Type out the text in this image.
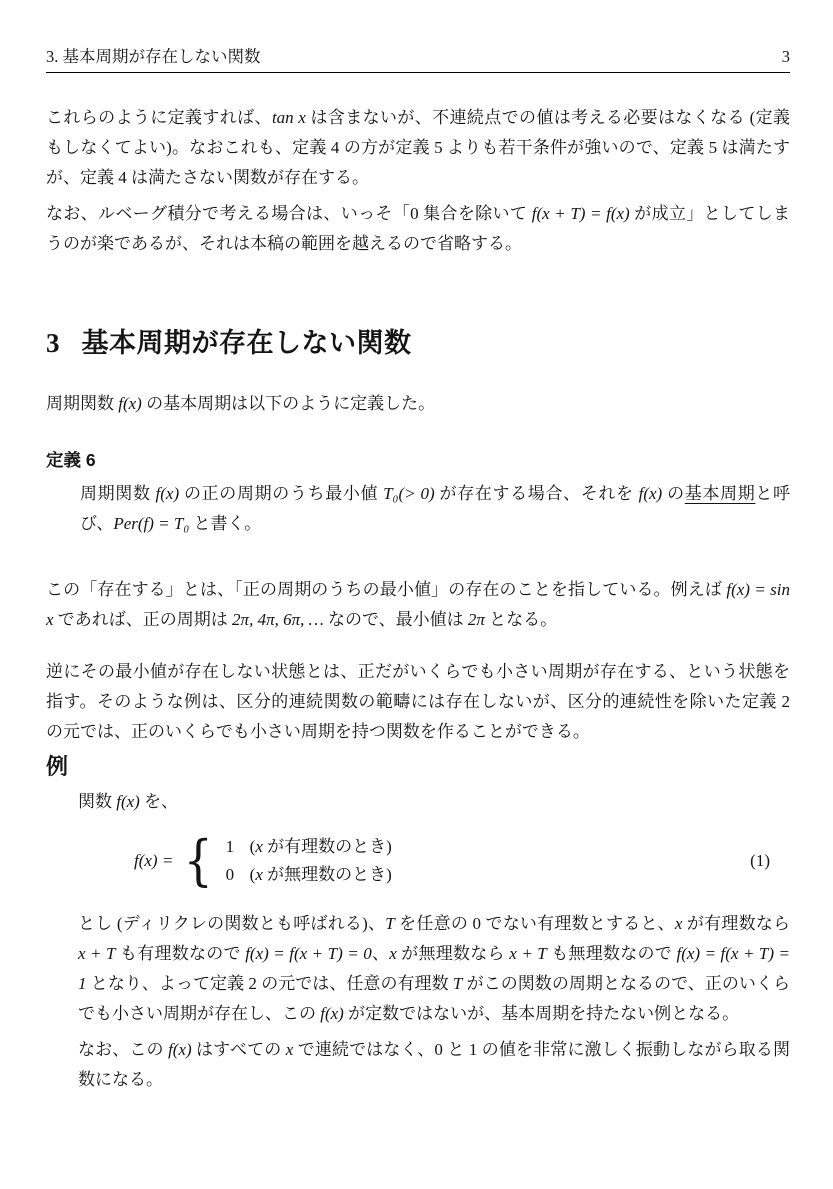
3. 基本周期が存在しない関数	3

これらのように定義すれば、tan x は含まないが、不連続点での値は考える必要はなくなる (定義もしなくてよい)。なおこれも、定義 4 の方が定義 5 よりも若干条件が強いので、定義 5 は満たすが、定義 4 は満たさない関数が存在する。

なお、ルベーグ積分で考える場合は、いっそ「0 集合を除いて f(x + T) = f(x) が成立」としてしまうのが楽であるが、それは本稿の範囲を越えるので省略する。

3 基本周期が存在しない関数

周期関数 f(x) の基本周期は以下のように定義した。

定義 6

周期関数 f(x) の正の周期のうち最小値 T₀(> 0) が存在する場合、それを f(x) の基本周期と呼び、Per(f) = T₀ と書く。

この「存在する」とは、「正の周期のうちの最小値」の存在のことを指している。例えば f(x) = sin x であれば、正の周期は 2π, 4π, 6π, … なので、最小値は 2π となる。

逆にその最小値が存在しない状態とは、正だがいくらでも小さい周期が存在する、という状態を指す。そのような例は、区分的連続関数の範疇には存在しないが、区分的連続性を除いた定義 2 の元では、正のいくらでも小さい周期を持つ関数を作ることができる。

例

関数 f(x) を、

f(x) = { 1 (x が有理数のとき)
0 (x が無理数のとき)
(1)

とし (ディリクレの関数とも呼ばれる)、T を任意の 0 でない有理数とすると、x が有理数なら x + T も有理数なので f(x) = f(x + T) = 0、x が無理数なら x + T も無理数なので f(x) = f(x + T) = 1 となり、よって定義 2 の元では、任意の有理数 T がこの関数の周期となるので、正のいくらでも小さい周期が存在し、この f(x) が定数ではないが、基本周期を持たない例となる。

なお、この f(x) はすべての x で連続ではなく、0 と 1 の値を非常に激しく振動しながら取る関数になる。
